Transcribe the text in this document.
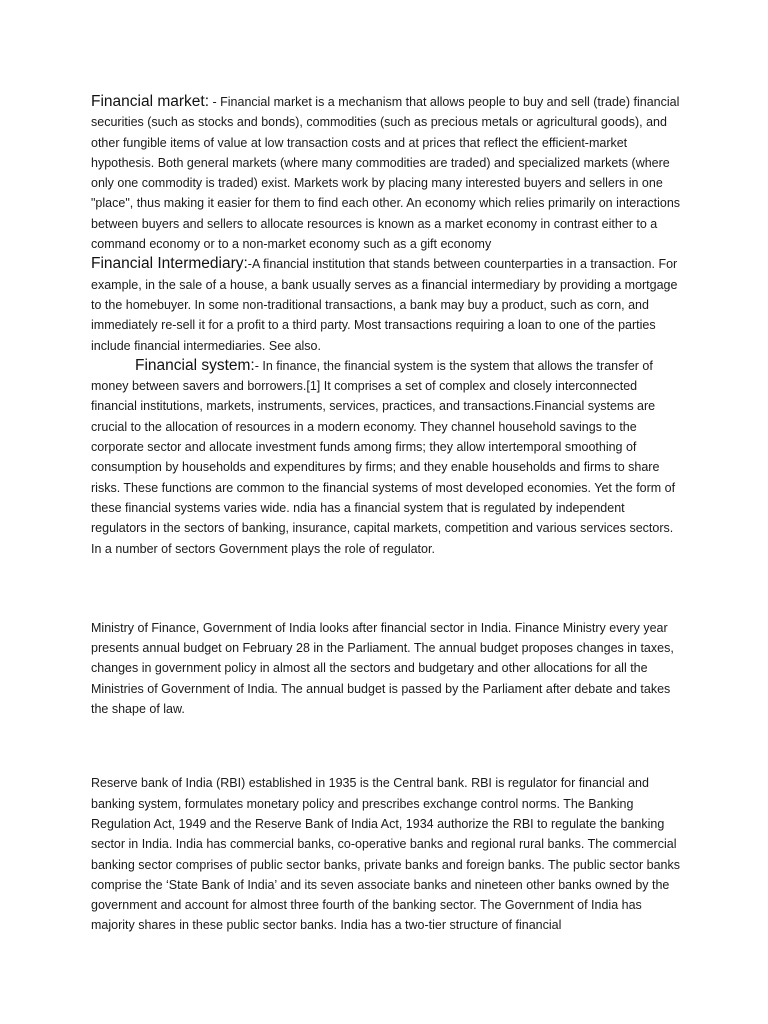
Financial market: - Financial market is a mechanism that allows people to buy and sell (trade) financial securities (such as stocks and bonds), commodities (such as precious metals or agricultural goods), and other fungible items of value at low transaction costs and at prices that reflect the efficient-market hypothesis. Both general markets (where many commodities are traded) and specialized markets (where only one commodity is traded) exist. Markets work by placing many interested buyers and sellers in one "place", thus making it easier for them to find each other. An economy which relies primarily on interactions between buyers and sellers to allocate resources is known as a market economy in contrast either to a command economy or to a non-market economy such as a gift economy

Financial Intermediary:-A financial institution that stands between counterparties in a transaction. For example, in the sale of a house, a bank usually serves as a financial intermediary by providing a mortgage to the homebuyer. In some non-traditional transactions, a bank may buy a product, such as corn, and immediately re-sell it for a profit to a third party. Most transactions requiring a loan to one of the parties include financial intermediaries. See also.

Financial system:- In finance, the financial system is the system that allows the transfer of money between savers and borrowers.[1] It comprises a set of complex and closely interconnected financial institutions, markets, instruments, services, practices, and transactions.Financial systems are crucial to the allocation of resources in a modern economy. They channel household savings to the corporate sector and allocate investment funds among firms; they allow intertemporal smoothing of consumption by households and expenditures by firms; and they enable households and firms to share risks. These functions are common to the financial systems of most developed economies. Yet the form of these financial systems varies wide. ndia has a financial system that is regulated by independent regulators in the sectors of banking, insurance, capital markets, competition and various services sectors. In a number of sectors Government plays the role of regulator.

Ministry of Finance, Government of India looks after financial sector in India. Finance Ministry every year presents annual budget on February 28 in the Parliament. The annual budget proposes changes in taxes, changes in government policy in almost all the sectors and budgetary and other allocations for all the Ministries of Government of India. The annual budget is passed by the Parliament after debate and takes the shape of law.

Reserve bank of India (RBI) established in 1935 is the Central bank. RBI is regulator for financial and banking system, formulates monetary policy and prescribes exchange control norms. The Banking Regulation Act, 1949 and the Reserve Bank of India Act, 1934 authorize the RBI to regulate the banking sector in India. India has commercial banks, co-operative banks and regional rural banks. The commercial banking sector comprises of public sector banks, private banks and foreign banks. The public sector banks comprise the ‘State Bank of India’ and its seven associate banks and nineteen other banks owned by the government and account for almost three fourth of the banking sector. The Government of India has majority shares in these public sector banks. India has a two-tier structure of financial
